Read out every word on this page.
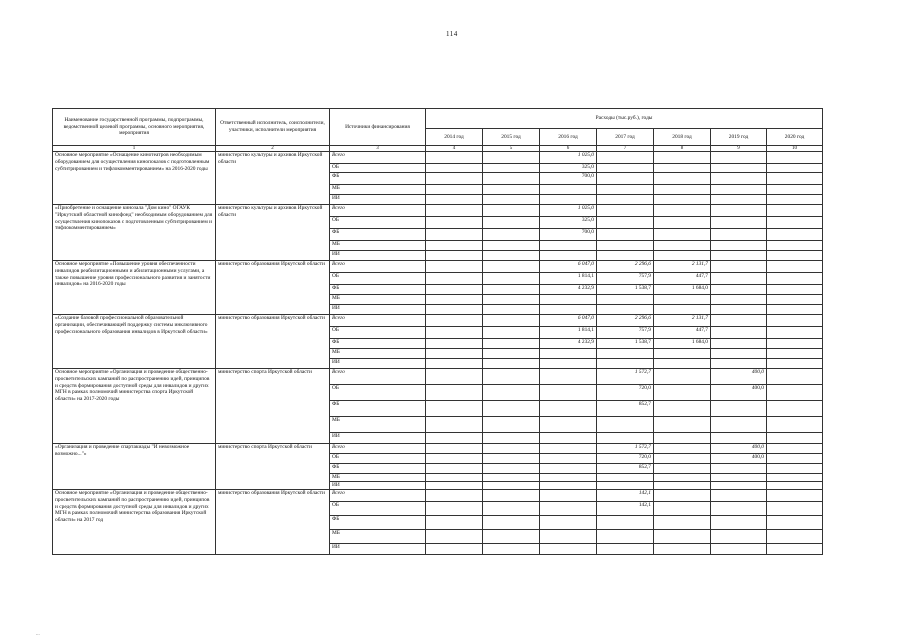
114
Наименование государственной программы, подпрограммы, ведомственной целевой программы, основного мероприятия, мероприятия	Ответственный исполнитель, соисполнители, участники, исполнители мероприятия	Источники финансирования	Расходы (тыс.руб.), годы						
			2014 год	2015 год	2016 год	2017 год	2018 год	2019 год	2020 год
1	2	3	4	5	6	7	8	9	10
Основное мероприятие «Оснащение кинотеатров необходимым оборудованием для осуществления кинопоказов с подготовленным субтитрированием и тифлокомментированием» на 2016-2020 годы	министерство культуры и архивов Иркутской области	Всего			1 025,0				
		ОБ			325,0				
		ФБ			700,0				
		МБ							
		ИИ							
«Приобретение и оснащение кинозала "Дом кино" ОГАУК "Иркутский областной кинофонд" необходимым оборудованием для осуществления кинопоказов с подготовленным субтитрированием и тифлокомментированием»	министерство культуры и архивов Иркутской области	Всего			1 025,0				
		ОБ			325,0				
		ФБ			700,0				
		МБ							
		ИИ							
Основное мероприятие «Повышение уровня обеспеченности инвалидов реабилитационными и абилитационными услугами, а также повышение уровня профессионального развития и занятости инвалидов» на 2016-2020 годы	министерство образования Иркутской области	Всего			6 047,0	2 296,6	2 131,7		
		ОБ			1 814,1	757,9	447,7		
		ФБ			4 232,9	1 538,7	1 684,0		
		МБ							
		ИИ							
«Создание базовой профессиональной образовательной организации, обеспечивающей поддержку системы инклюзивного профессионального образования инвалидов в Иркутской области»	министерство образования Иркутской области	Всего			6 047,0	2 296,6	2 131,7		
		ОБ			1 814,1	757,9	447,7		
		ФБ			4 232,9	1 538,7	1 684,0		
		МБ							
		ИИ							
Основное мероприятие «Организация и проведение общественно-просветительских кампаний по распространению идей, принципов и средств формирования доступной среды для инвалидов и других МГН в рамках полномочий министерства спорта Иркутской области» на 2017-2020 годы	министерство спорта Иркутской области	Всего				1 572,7		400,0	
		ОБ				720,0		400,0	
		ФБ				852,7			
		МБ							
		ИИ							
«Организация и проведение спартакиады "И невозможное возможно..."»	министерство спорта Иркутской области	Всего				1 572,7		400,0	
		ОБ				720,0		400,0	
		ФБ				852,7			
		МБ							
		ИИ							
Основное мероприятие «Организация и проведение общественно-просветительских кампаний по распространению идей, принципов и средств формирования доступной среды для инвалидов и других МГН в рамках полномочий министерства образования Иркутской области» на 2017 год	министерство образования Иркутской области	Всего				142,1			
		ОБ				142,1			
		ФБ							
		МБ							
		ИИ							
...
